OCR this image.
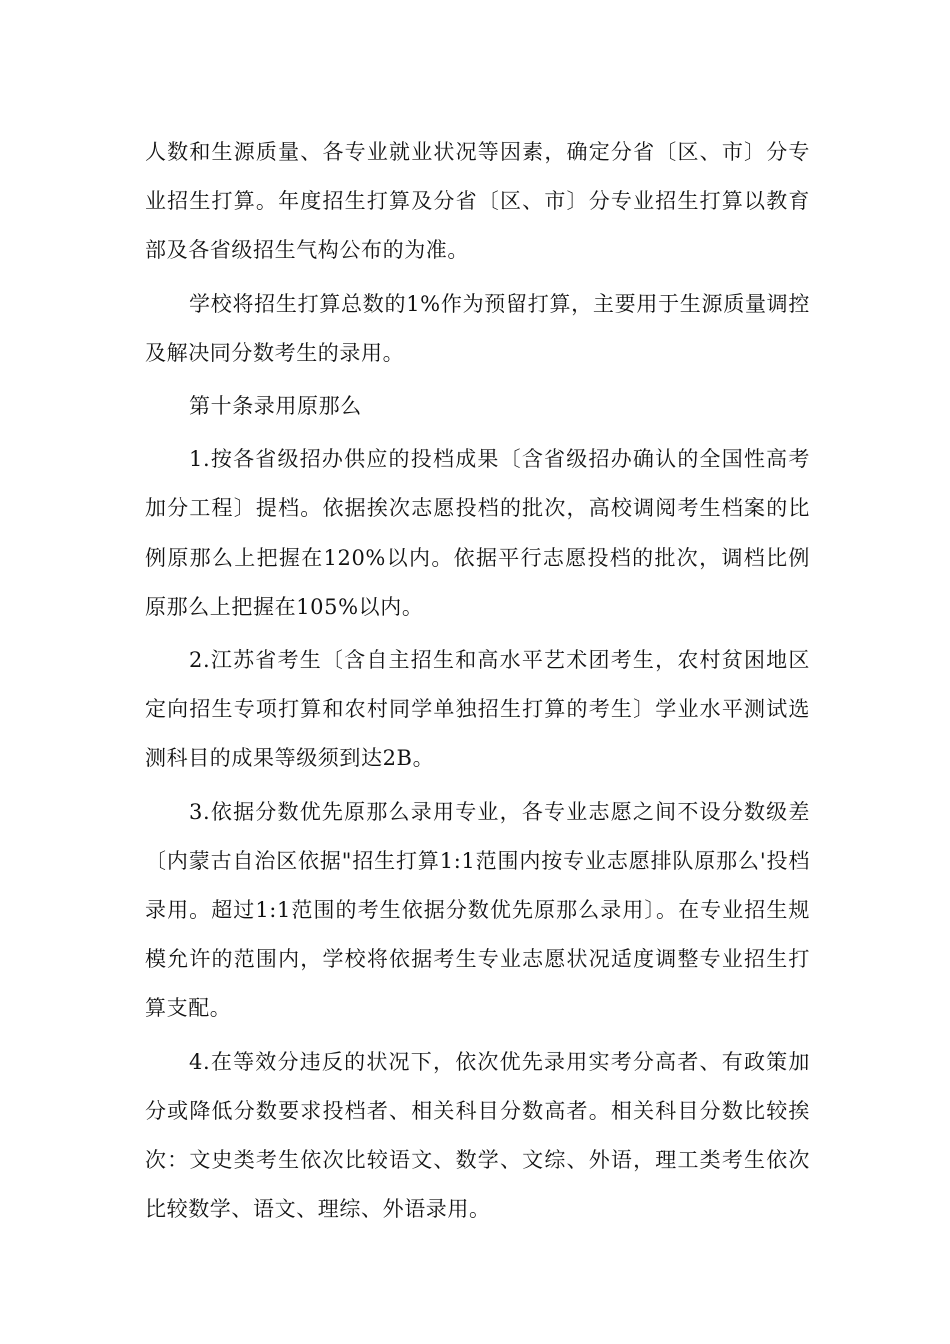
人数和生源质量、各专业就业状况等因素，确定分省〔区、市〕分专业招生打算。年度招生打算及分省〔区、市〕分专业招生打算以教育部及各省级招生气构公布的为准。

学校将招生打算总数的1%作为预留打算，主要用于生源质量调控及解决同分数考生的录用。

第十条录用原那么

1.按各省级招办供应的投档成果〔含省级招办确认的全国性高考加分工程〕提档。依据挨次志愿投档的批次，高校调阅考生档案的比例原那么上把握在120%以内。依据平行志愿投档的批次，调档比例原那么上把握在105%以内。

2.江苏省考生〔含自主招生和高水平艺术团考生，农村贫困地区定向招生专项打算和农村同学单独招生打算的考生〕学业水平测试选测科目的成果等级须到达2B。

3.依据分数优先原那么录用专业，各专业志愿之间不设分数级差〔内蒙古自治区依据"招生打算1:1范围内按专业志愿排队原那么'投档录用。超过1:1范围的考生依据分数优先原那么录用〕。在专业招生规模允许的范围内，学校将依据考生专业志愿状况适度调整专业招生打算支配。

4.在等效分违反的状况下，依次优先录用实考分高者、有政策加分或降低分数要求投档者、相关科目分数高者。相关科目分数比较挨次：文史类考生依次比较语文、数学、文综、外语，理工类考生依次比较数学、语文、理综、外语录用。
